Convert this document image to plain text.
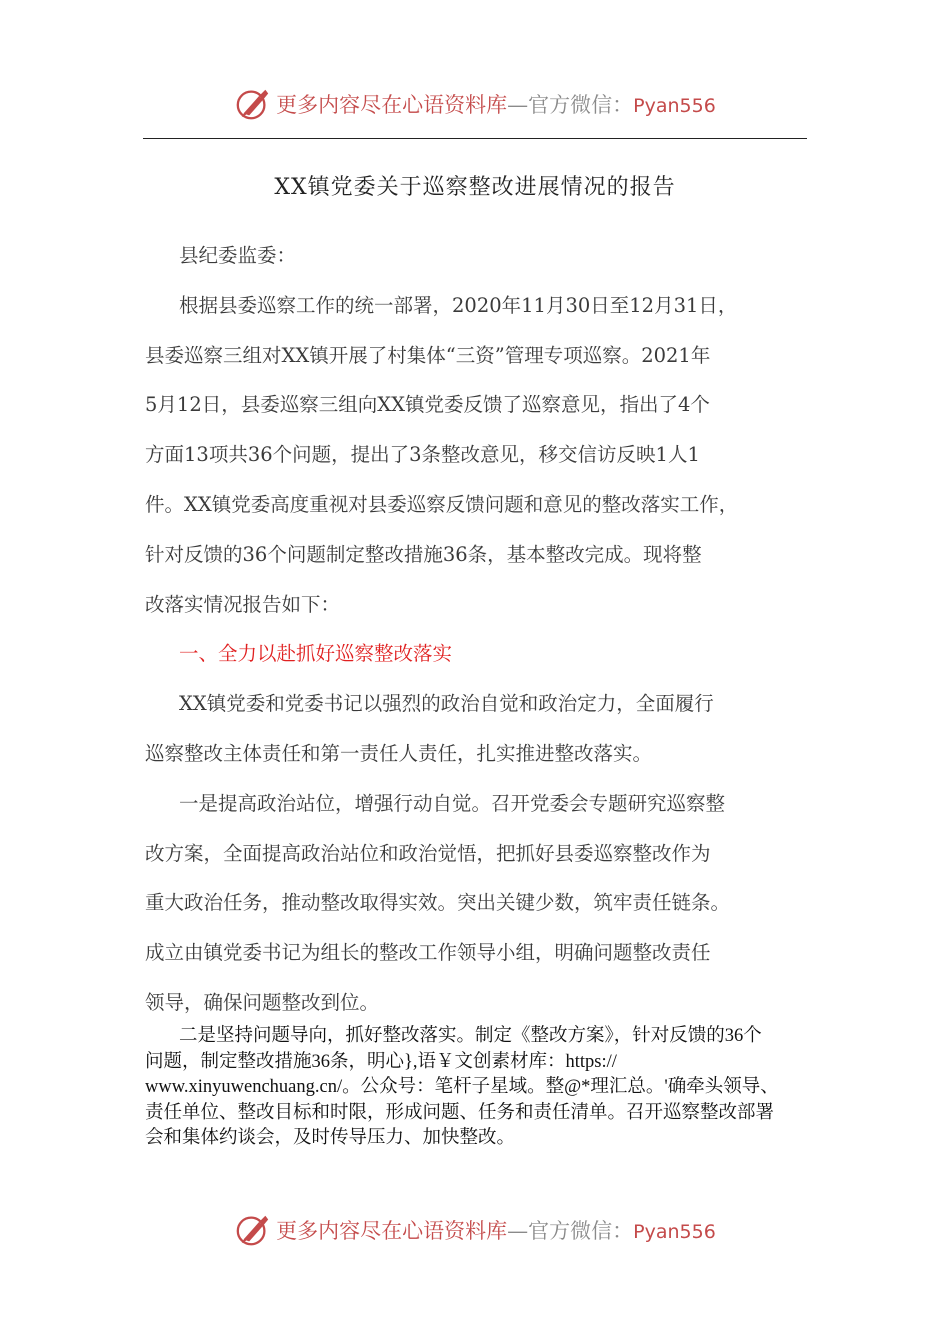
更多内容尽在心语资料库—官方微信：Pyan556
XX镇党委关于巡察整改进展情况的报告

县纪委监委：

根据县委巡察工作的统一部署，2020年11月30日至12月31日，
县委巡察三组对XX镇开展了村集体“三资”管理专项巡察。2021年
5月12日，县委巡察三组向XX镇党委反馈了巡察意见，指出了4个
方面13项共36个问题，提出了3条整改意见，移交信访反映1人1
件。XX镇党委高度重视对县委巡察反馈问题和意见的整改落实工作，
针对反馈的36个问题制定整改措施36条，基本整改完成。现将整
改落实情况报告如下：

一、全力以赴抓好巡察整改落实

XX镇党委和党委书记以强烈的政治自觉和政治定力，全面履行
巡察整改主体责任和第一责任人责任，扎实推进整改落实。

一是提高政治站位，增强行动自觉。召开党委会专题研究巡察整
改方案，全面提高政治站位和政治觉悟，把抓好县委巡察整改作为
重大政治任务，推动整改取得实效。突出关键少数，筑牢责任链条。
成立由镇党委书记为组长的整改工作领导小组，明确问题整改责任
领导，确保问题整改到位。

二是坚持问题导向，抓好整改落实。制定《整改方案》，针对反馈的36个
问题，制定整改措施36条，明心},语￥文创素材库：https://
www.xinyuwenchuang.cn/。公众号：笔杆子星域。整@*理汇总。'确牵头领导、
责任单位、整改目标和时限，形成问题、任务和责任清单。召开巡察整改部署
会和集体约谈会，及时传导压力、加快整改。
更多内容尽在心语资料库—官方微信：Pyan556
